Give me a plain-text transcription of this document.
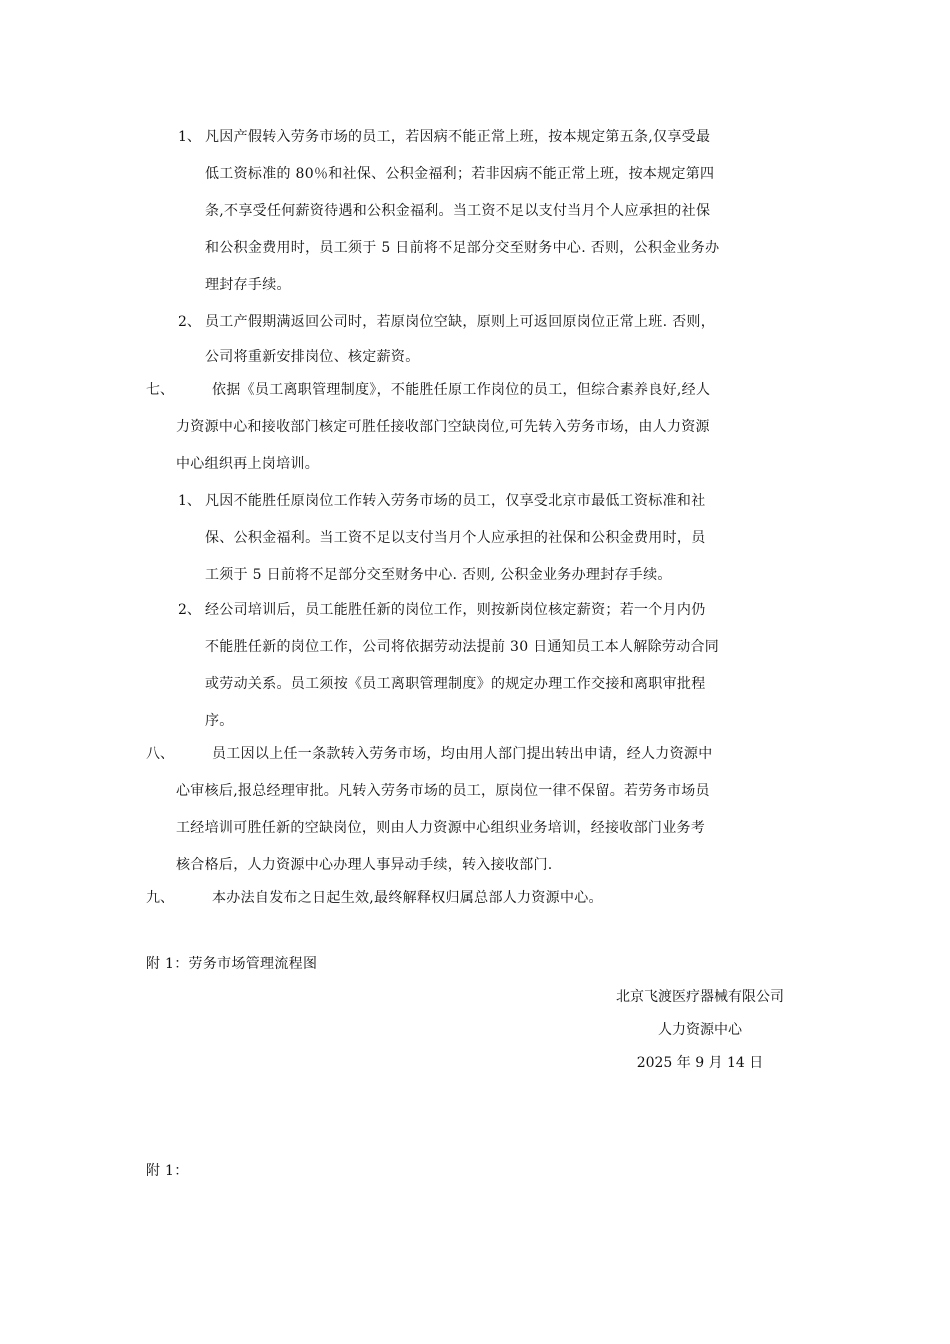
1、 凡因产假转入劳务市场的员工，若因病不能正常上班，按本规定第五条,仅享受最
低工资标准的 80％和社保、公积金福利；若非因病不能正常上班，按本规定第四
条,不享受任何薪资待遇和公积金福利。当工资不足以支付当月个人应承担的社保
和公积金费用时，员工须于 5 日前将不足部分交至财务中心. 否则，公积金业务办
理封存手续。
2、 员工产假期满返回公司时，若原岗位空缺，原则上可返回原岗位正常上班. 否则，
公司将重新安排岗位、核定薪资。
七、	依据《员工离职管理制度》，不能胜任原工作岗位的员工，但综合素养良好,经人
力资源中心和接收部门核定可胜任接收部门空缺岗位,可先转入劳务市场，由人力资源
中心组织再上岗培训。
1、 凡因不能胜任原岗位工作转入劳务市场的员工，仅享受北京市最低工资标准和社
保、公积金福利。当工资不足以支付当月个人应承担的社保和公积金费用时，员
工须于 5 日前将不足部分交至财务中心. 否则, 公积金业务办理封存手续。
2、 经公司培训后，员工能胜任新的岗位工作，则按新岗位核定薪资；若一个月内仍
不能胜任新的岗位工作，公司将依据劳动法提前 30 日通知员工本人解除劳动合同
或劳动关系。员工须按《员工离职管理制度》的规定办理工作交接和离职审批程
序。
八、	员工因以上任一条款转入劳务市场，均由用人部门提出转出申请，经人力资源中
心审核后,报总经理审批。凡转入劳务市场的员工，原岗位一律不保留。若劳务市场员
工经培训可胜任新的空缺岗位，则由人力资源中心组织业务培训，经接收部门业务考
核合格后，人力资源中心办理人事异动手续，转入接收部门.
九、	本办法自发布之日起生效,最终解释权归属总部人力资源中心。
附 1：劳务市场管理流程图
北京飞渡医疗器械有限公司
人力资源中心
2025 年 9 月 14 日
附 1：
